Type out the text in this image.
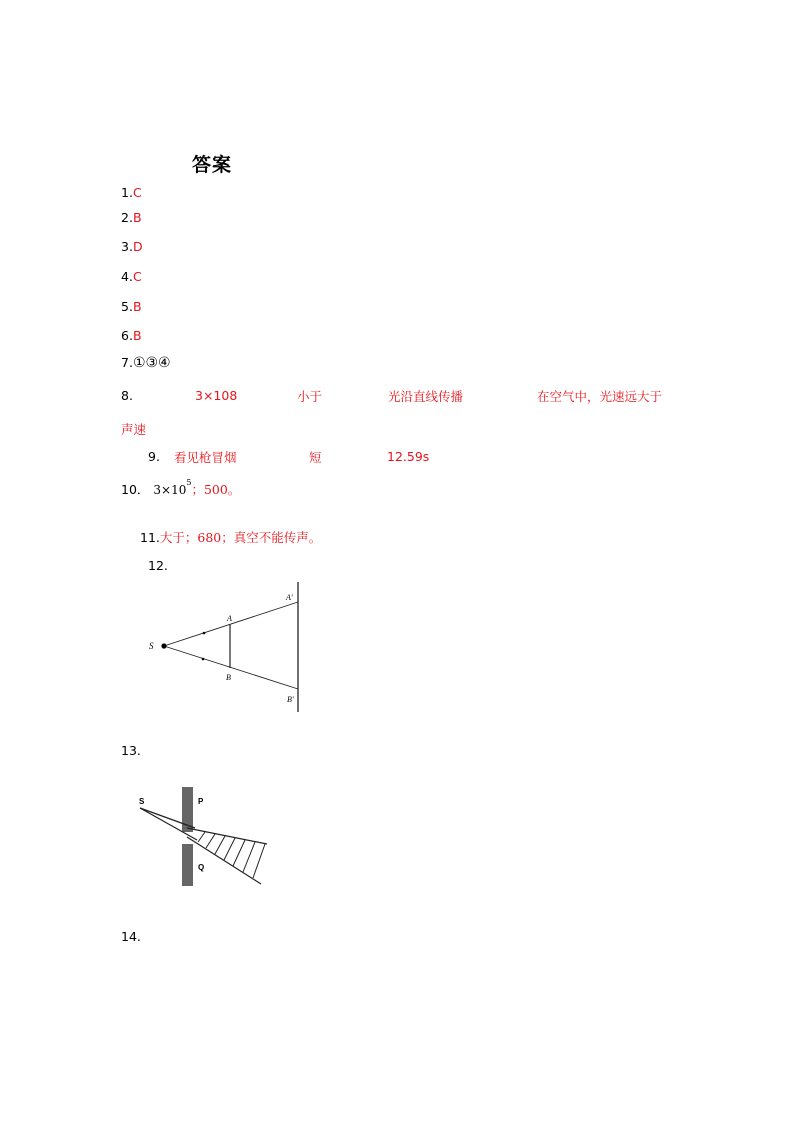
答案
1.C
2.B
3.D
4.C
5.B
6.B
7.①③④
8.	3×108	小于	光沿直线传播	在空气中，光速远大于
声速
9. 看见枪冒烟	短	12.59s
10． $3\times 10^5$；500。
11.大于；680；真空不能传声。
12.
S
A
B
A'
B'
13.
S	P
Q
14.
